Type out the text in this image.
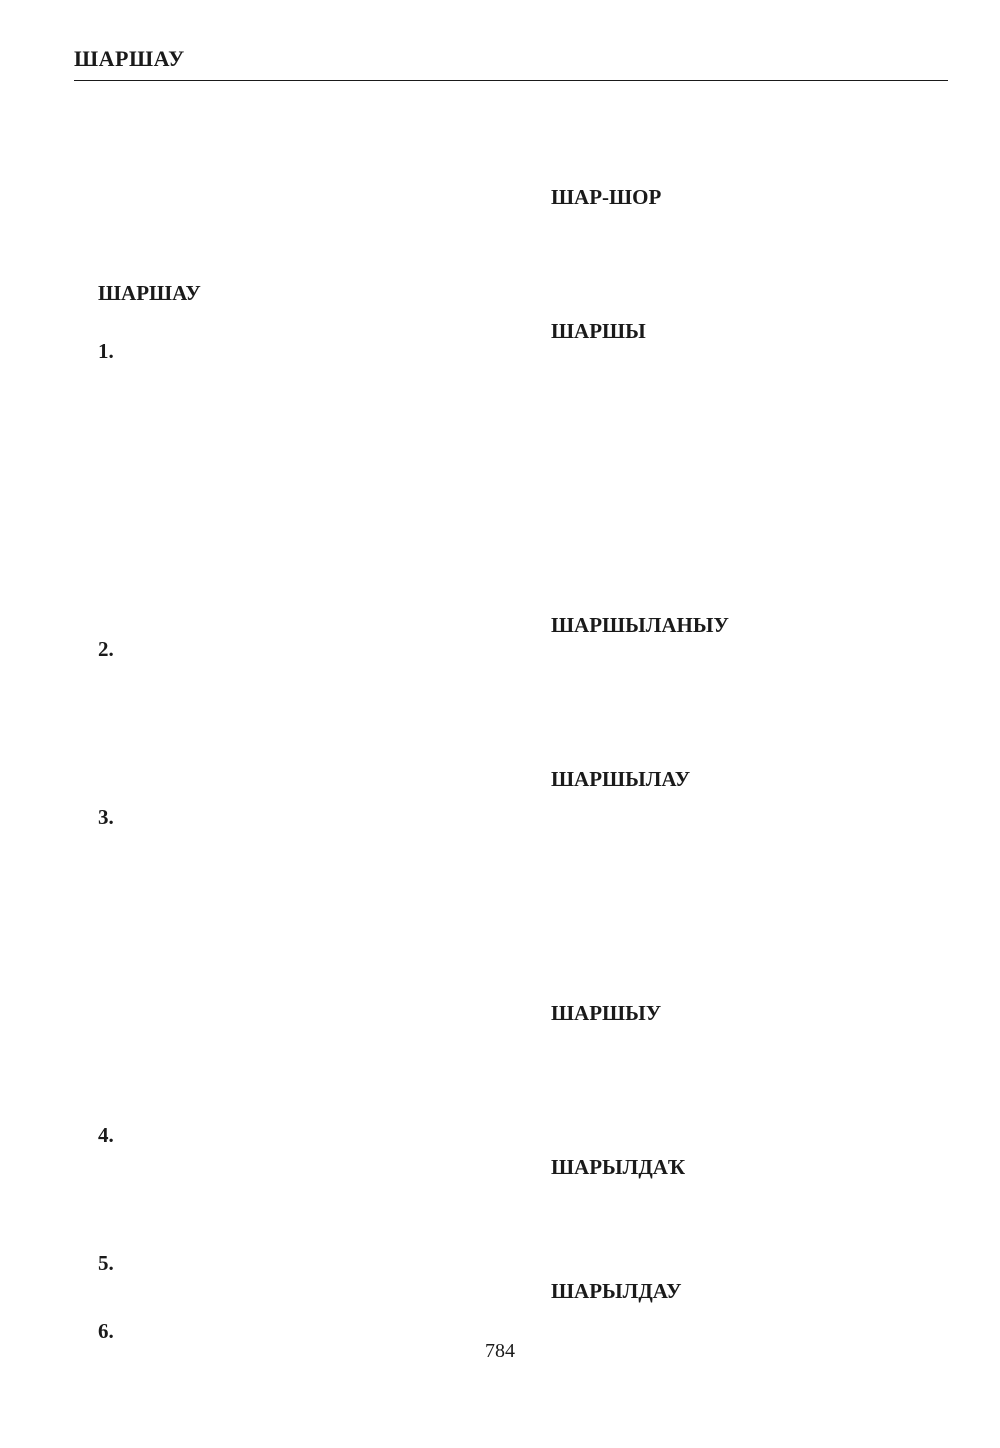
ШАРШАУ

ШАРШАУ

1.

2.

3.

4.

5.

6.

ШАР-ШОР

ШАРШЫ

ШАРШЫЛАНЫУ

ШАРШЫЛАУ

ШАРШЫУ

ШАРЫЛДАҠ

ШАРЫЛДАУ

784
